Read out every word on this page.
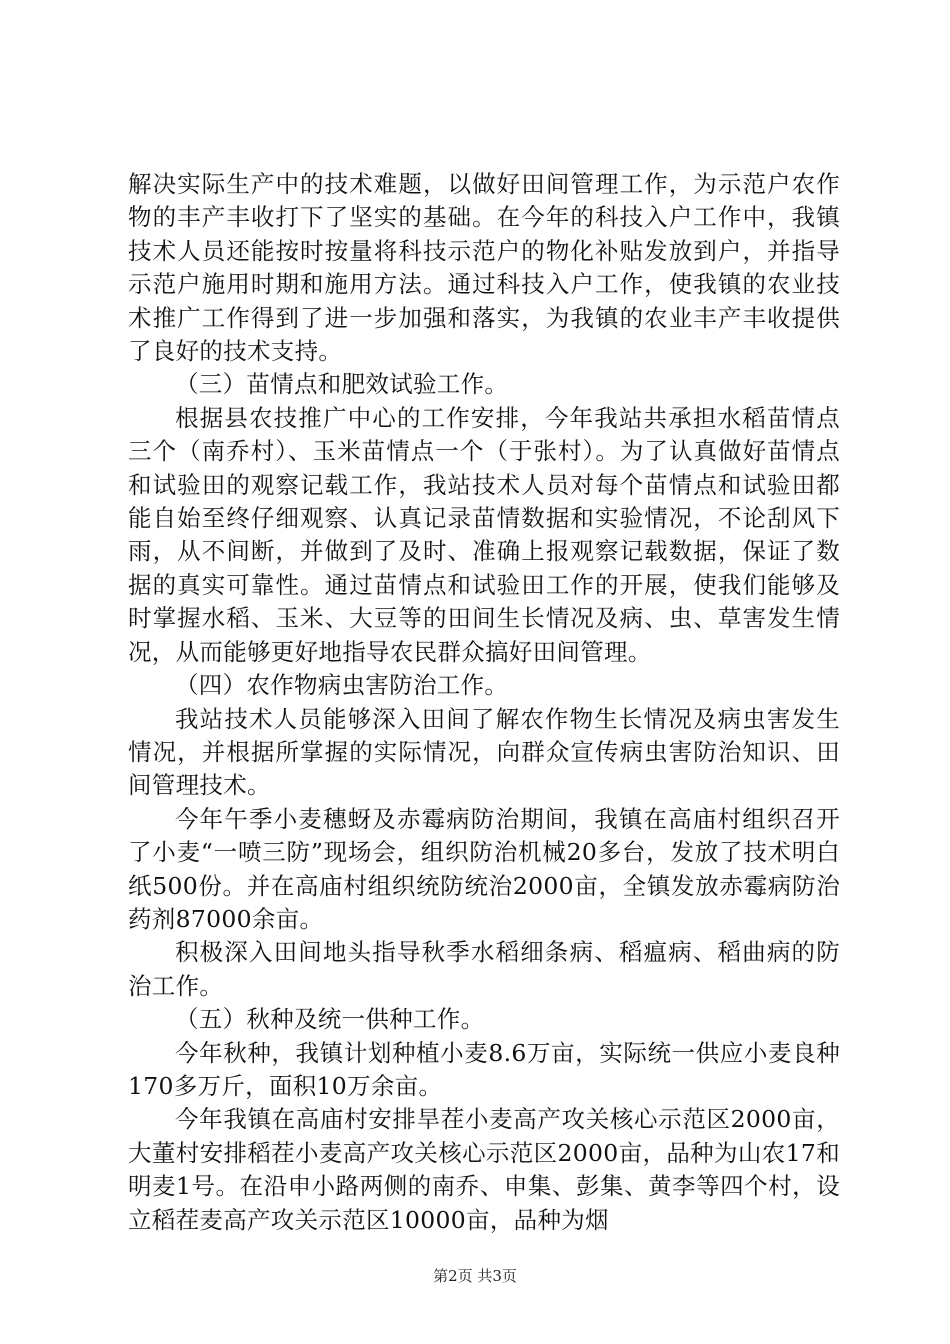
解决实际生产中的技术难题，以做好田间管理工作，为示范户农作物的丰产丰收打下了坚实的基础。在今年的科技入户工作中，我镇技术人员还能按时按量将科技示范户的物化补贴发放到户，并指导示范户施用时期和施用方法。通过科技入户工作，使我镇的农业技术推广工作得到了进一步加强和落实，为我镇的农业丰产丰收提供了良好的技术支持。

（三）苗情点和肥效试验工作。

根据县农技推广中心的工作安排，今年我站共承担水稻苗情点三个（南乔村）、玉米苗情点一个（于张村）。为了认真做好苗情点和试验田的观察记载工作，我站技术人员对每个苗情点和试验田都能自始至终仔细观察、认真记录苗情数据和实验情况，不论刮风下雨，从不间断，并做到了及时、准确上报观察记载数据，保证了数据的真实可靠性。通过苗情点和试验田工作的开展，使我们能够及时掌握水稻、玉米、大豆等的田间生长情况及病、虫、草害发生情况，从而能够更好地指导农民群众搞好田间管理。

（四）农作物病虫害防治工作。

我站技术人员能够深入田间了解农作物生长情况及病虫害发生情况，并根据所掌握的实际情况，向群众宣传病虫害防治知识、田间管理技术。

今年午季小麦穗蚜及赤霉病防治期间，我镇在高庙村组织召开了小麦“一喷三防”现场会，组织防治机械20多台，发放了技术明白纸500份。并在高庙村组织统防统治2000亩，全镇发放赤霉病防治药剂87000余亩。

积极深入田间地头指导秋季水稻细条病、稻瘟病、稻曲病的防治工作。

（五）秋种及统一供种工作。

今年秋种，我镇计划种植小麦8.6万亩，实际统一供应小麦良种170多万斤，面积10万余亩。

今年我镇在高庙村安排旱茬小麦高产攻关核心示范区2000亩，大董村安排稻茬小麦高产攻关核心示范区2000亩，品种为山农17和明麦1号。在沿申小路两侧的南乔、申集、彭集、黄李等四个村，设立稻茬麦高产攻关示范区10000亩，品种为烟

第2页 共3页
